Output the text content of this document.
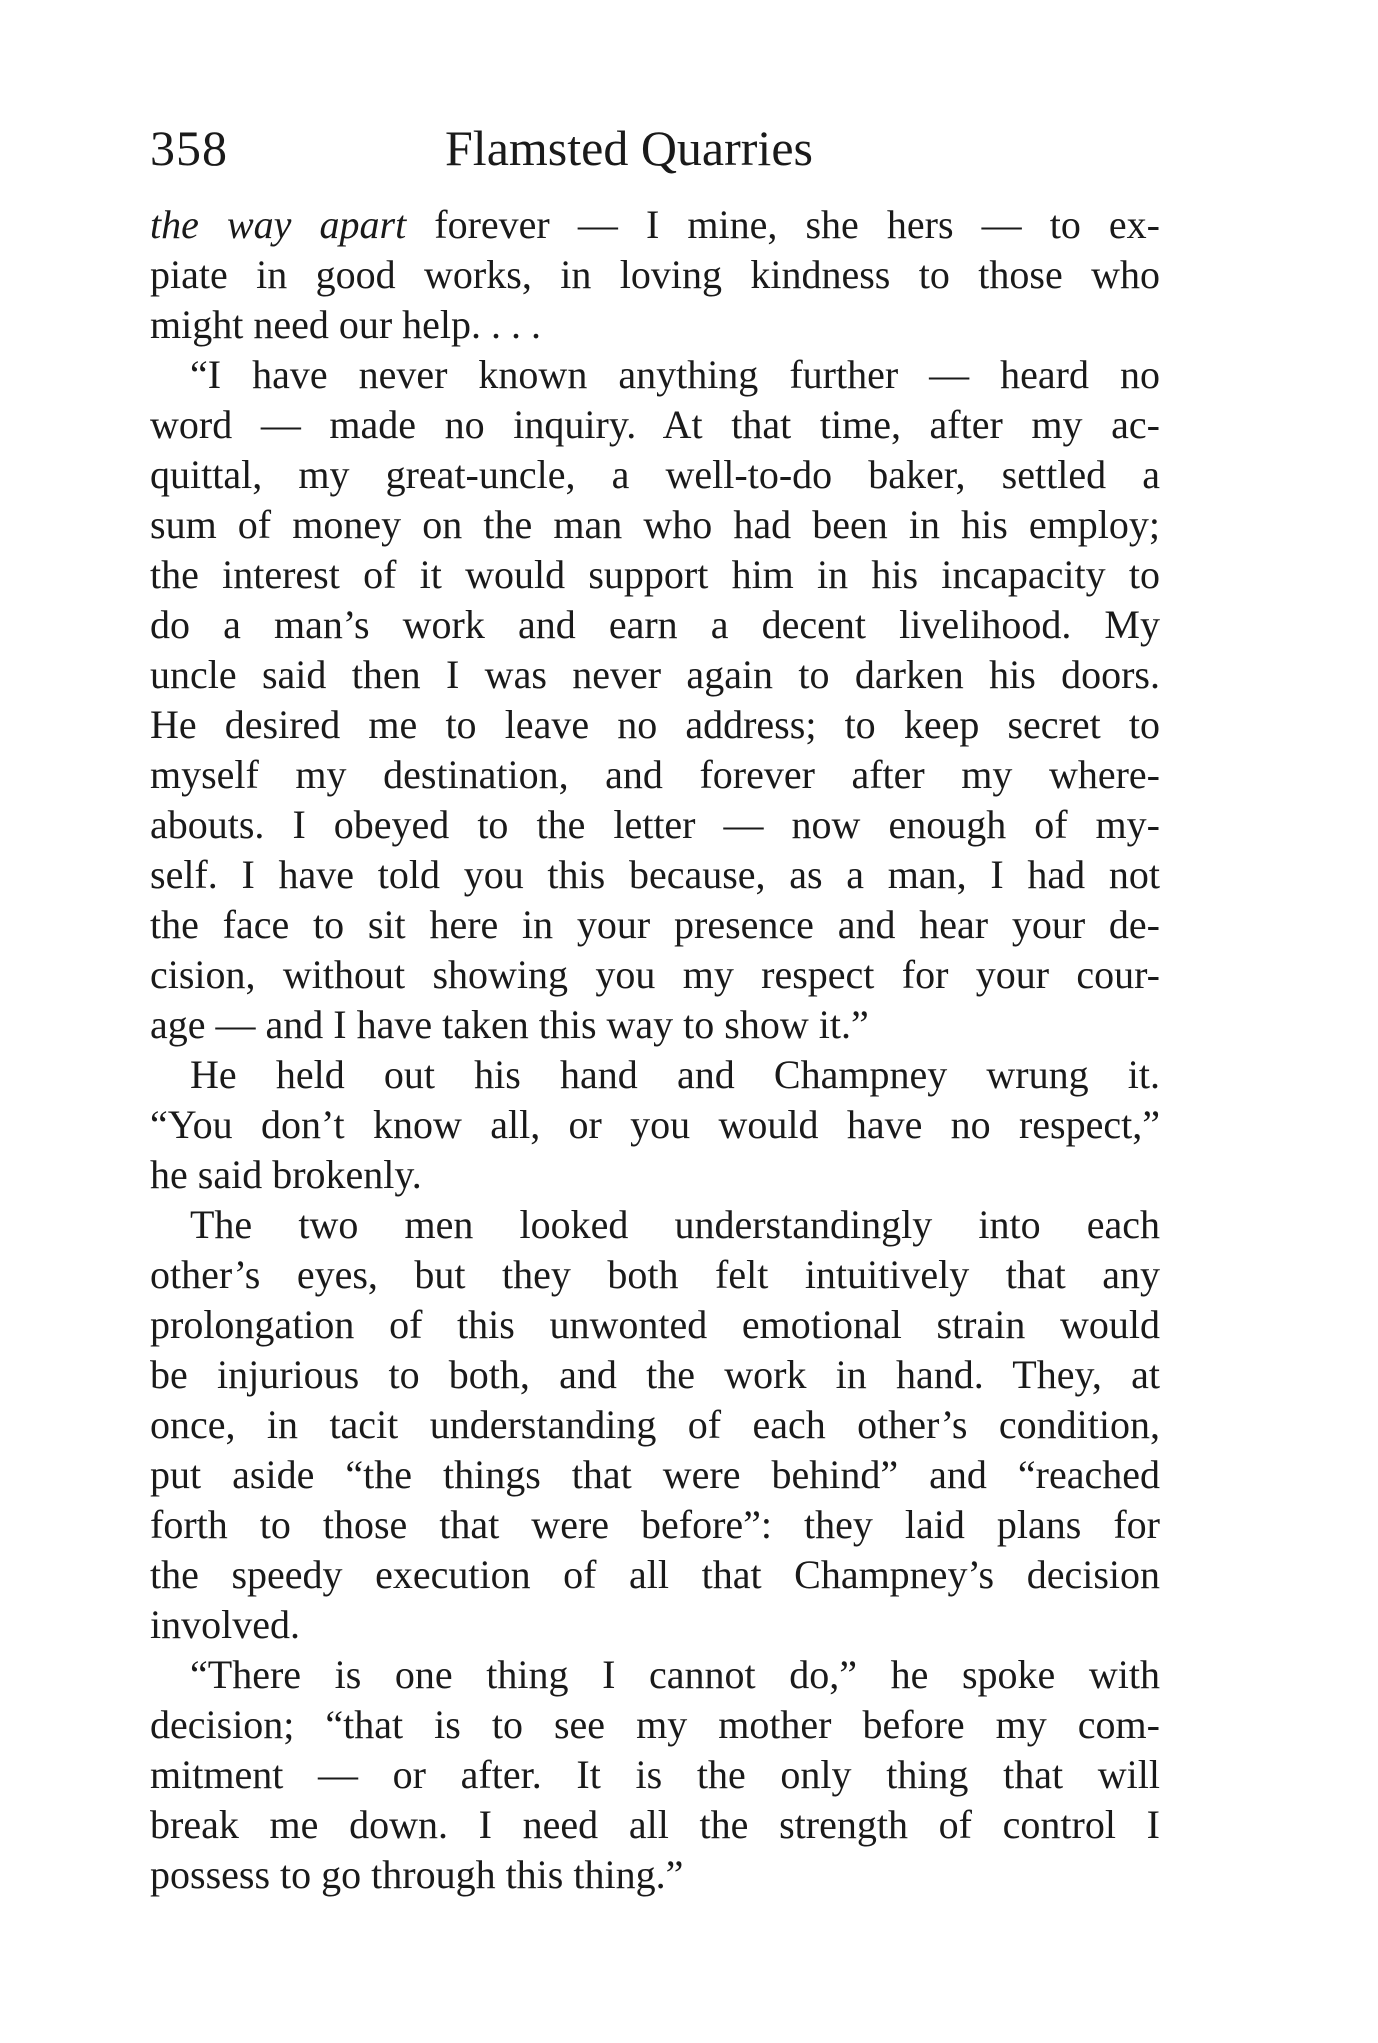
358	Flamsted Quarries
the way apart forever — I mine, she hers — to ex-
piate in good works, in loving kindness to those who
might need our help. . . .
“I have never known anything further — heard no
word — made no inquiry. At that time, after my ac-
quittal, my great-uncle, a well-to-do baker, settled a
sum of money on the man who had been in his employ;
the interest of it would support him in his incapacity to
do a man’s work and earn a decent livelihood. My
uncle said then I was never again to darken his doors.
He desired me to leave no address; to keep secret to
myself my destination, and forever after my where-
abouts. I obeyed to the letter — now enough of my-
self. I have told you this because, as a man, I had not
the face to sit here in your presence and hear your de-
cision, without showing you my respect for your cour-
age — and I have taken this way to show it.”
He held out his hand and Champney wrung it.
“You don’t know all, or you would have no respect,”
he said brokenly.
The two men looked understandingly into each
other’s eyes, but they both felt intuitively that any
prolongation of this unwonted emotional strain would
be injurious to both, and the work in hand. They, at
once, in tacit understanding of each other’s condition,
put aside “the things that were behind” and “reached
forth to those that were before”: they laid plans for
the speedy execution of all that Champney’s decision
involved.
“There is one thing I cannot do,” he spoke with
decision; “that is to see my mother before my com-
mitment — or after. It is the only thing that will
break me down. I need all the strength of control I
possess to go through this thing.”
